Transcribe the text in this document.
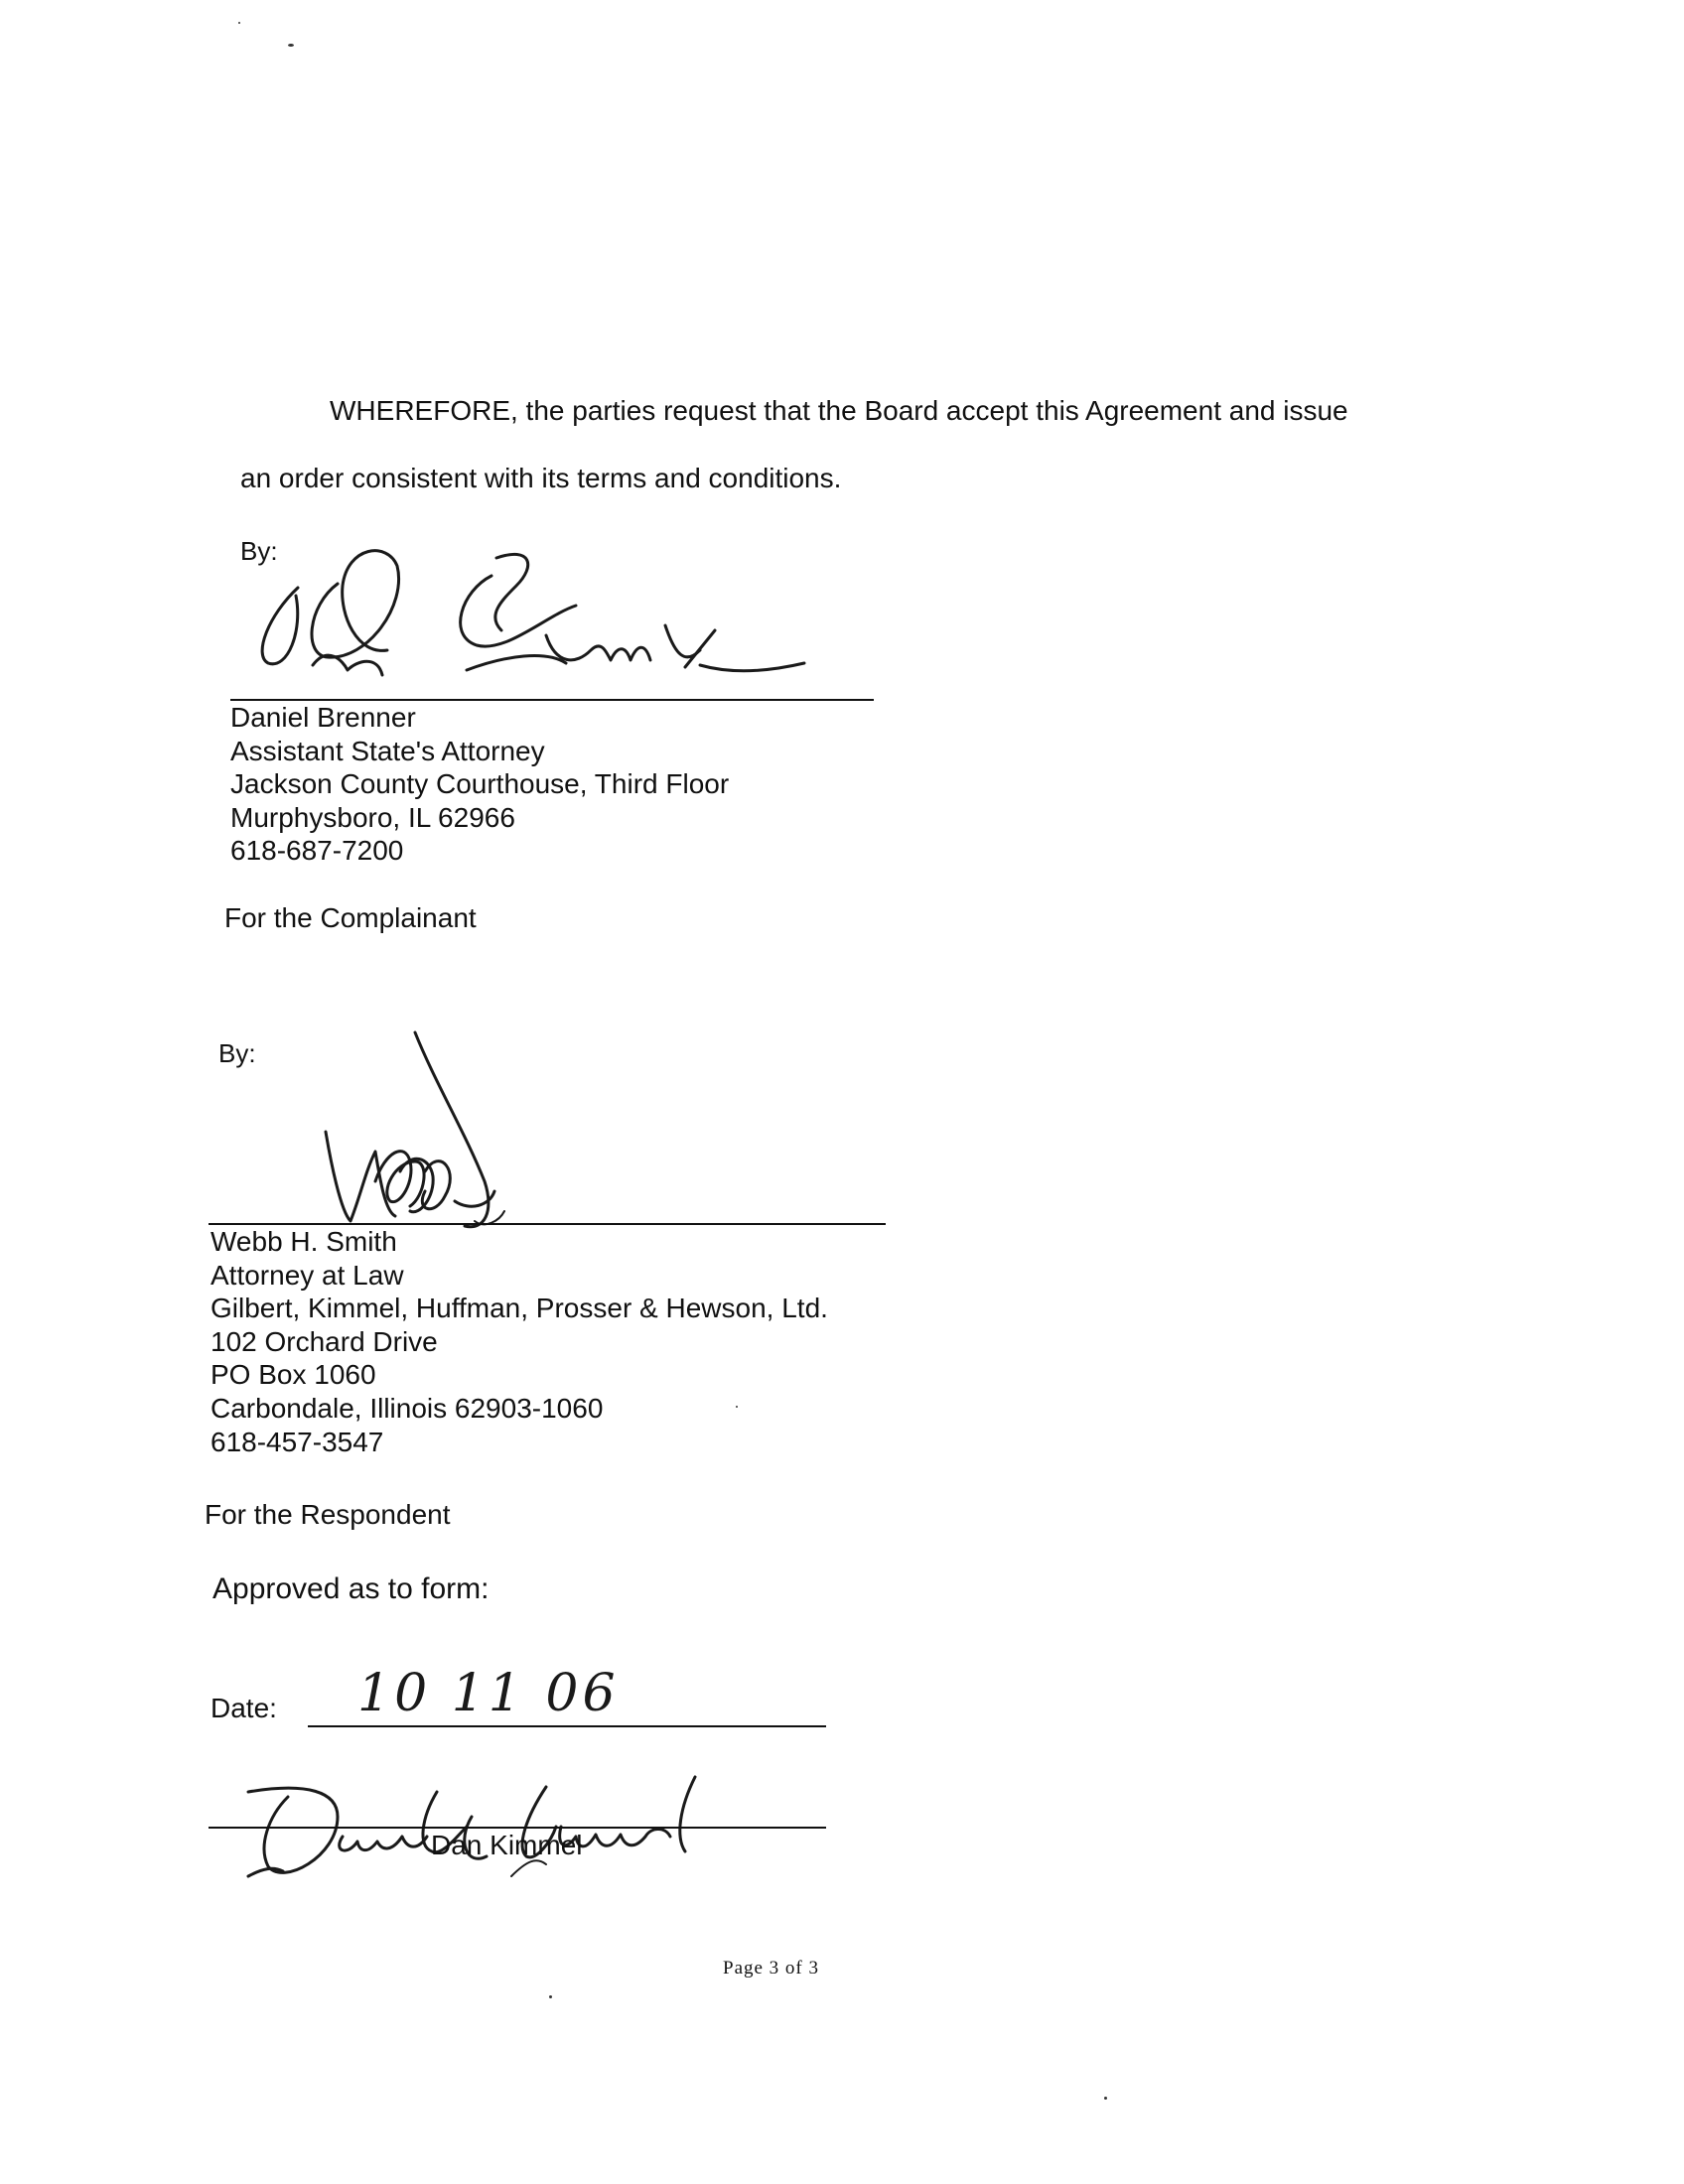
WHEREFORE, the parties request that the Board accept this Agreement and issue
an order consistent with its terms and conditions.
By:
Daniel Brenner
Assistant State's Attorney
Jackson County Courthouse, Third Floor
Murphysboro, IL 62966
618-687-7200
For the Complainant
By:
Webb H. Smith
Attorney at Law
Gilbert, Kimmel, Huffman, Prosser & Hewson, Ltd.
102 Orchard Drive
PO Box 1060
Carbondale, Illinois 62903-1060
618-457-3547
For the Respondent
Approved as to form:
Date: 10 11 06
Dan Kimmel
Page 3 of 3
